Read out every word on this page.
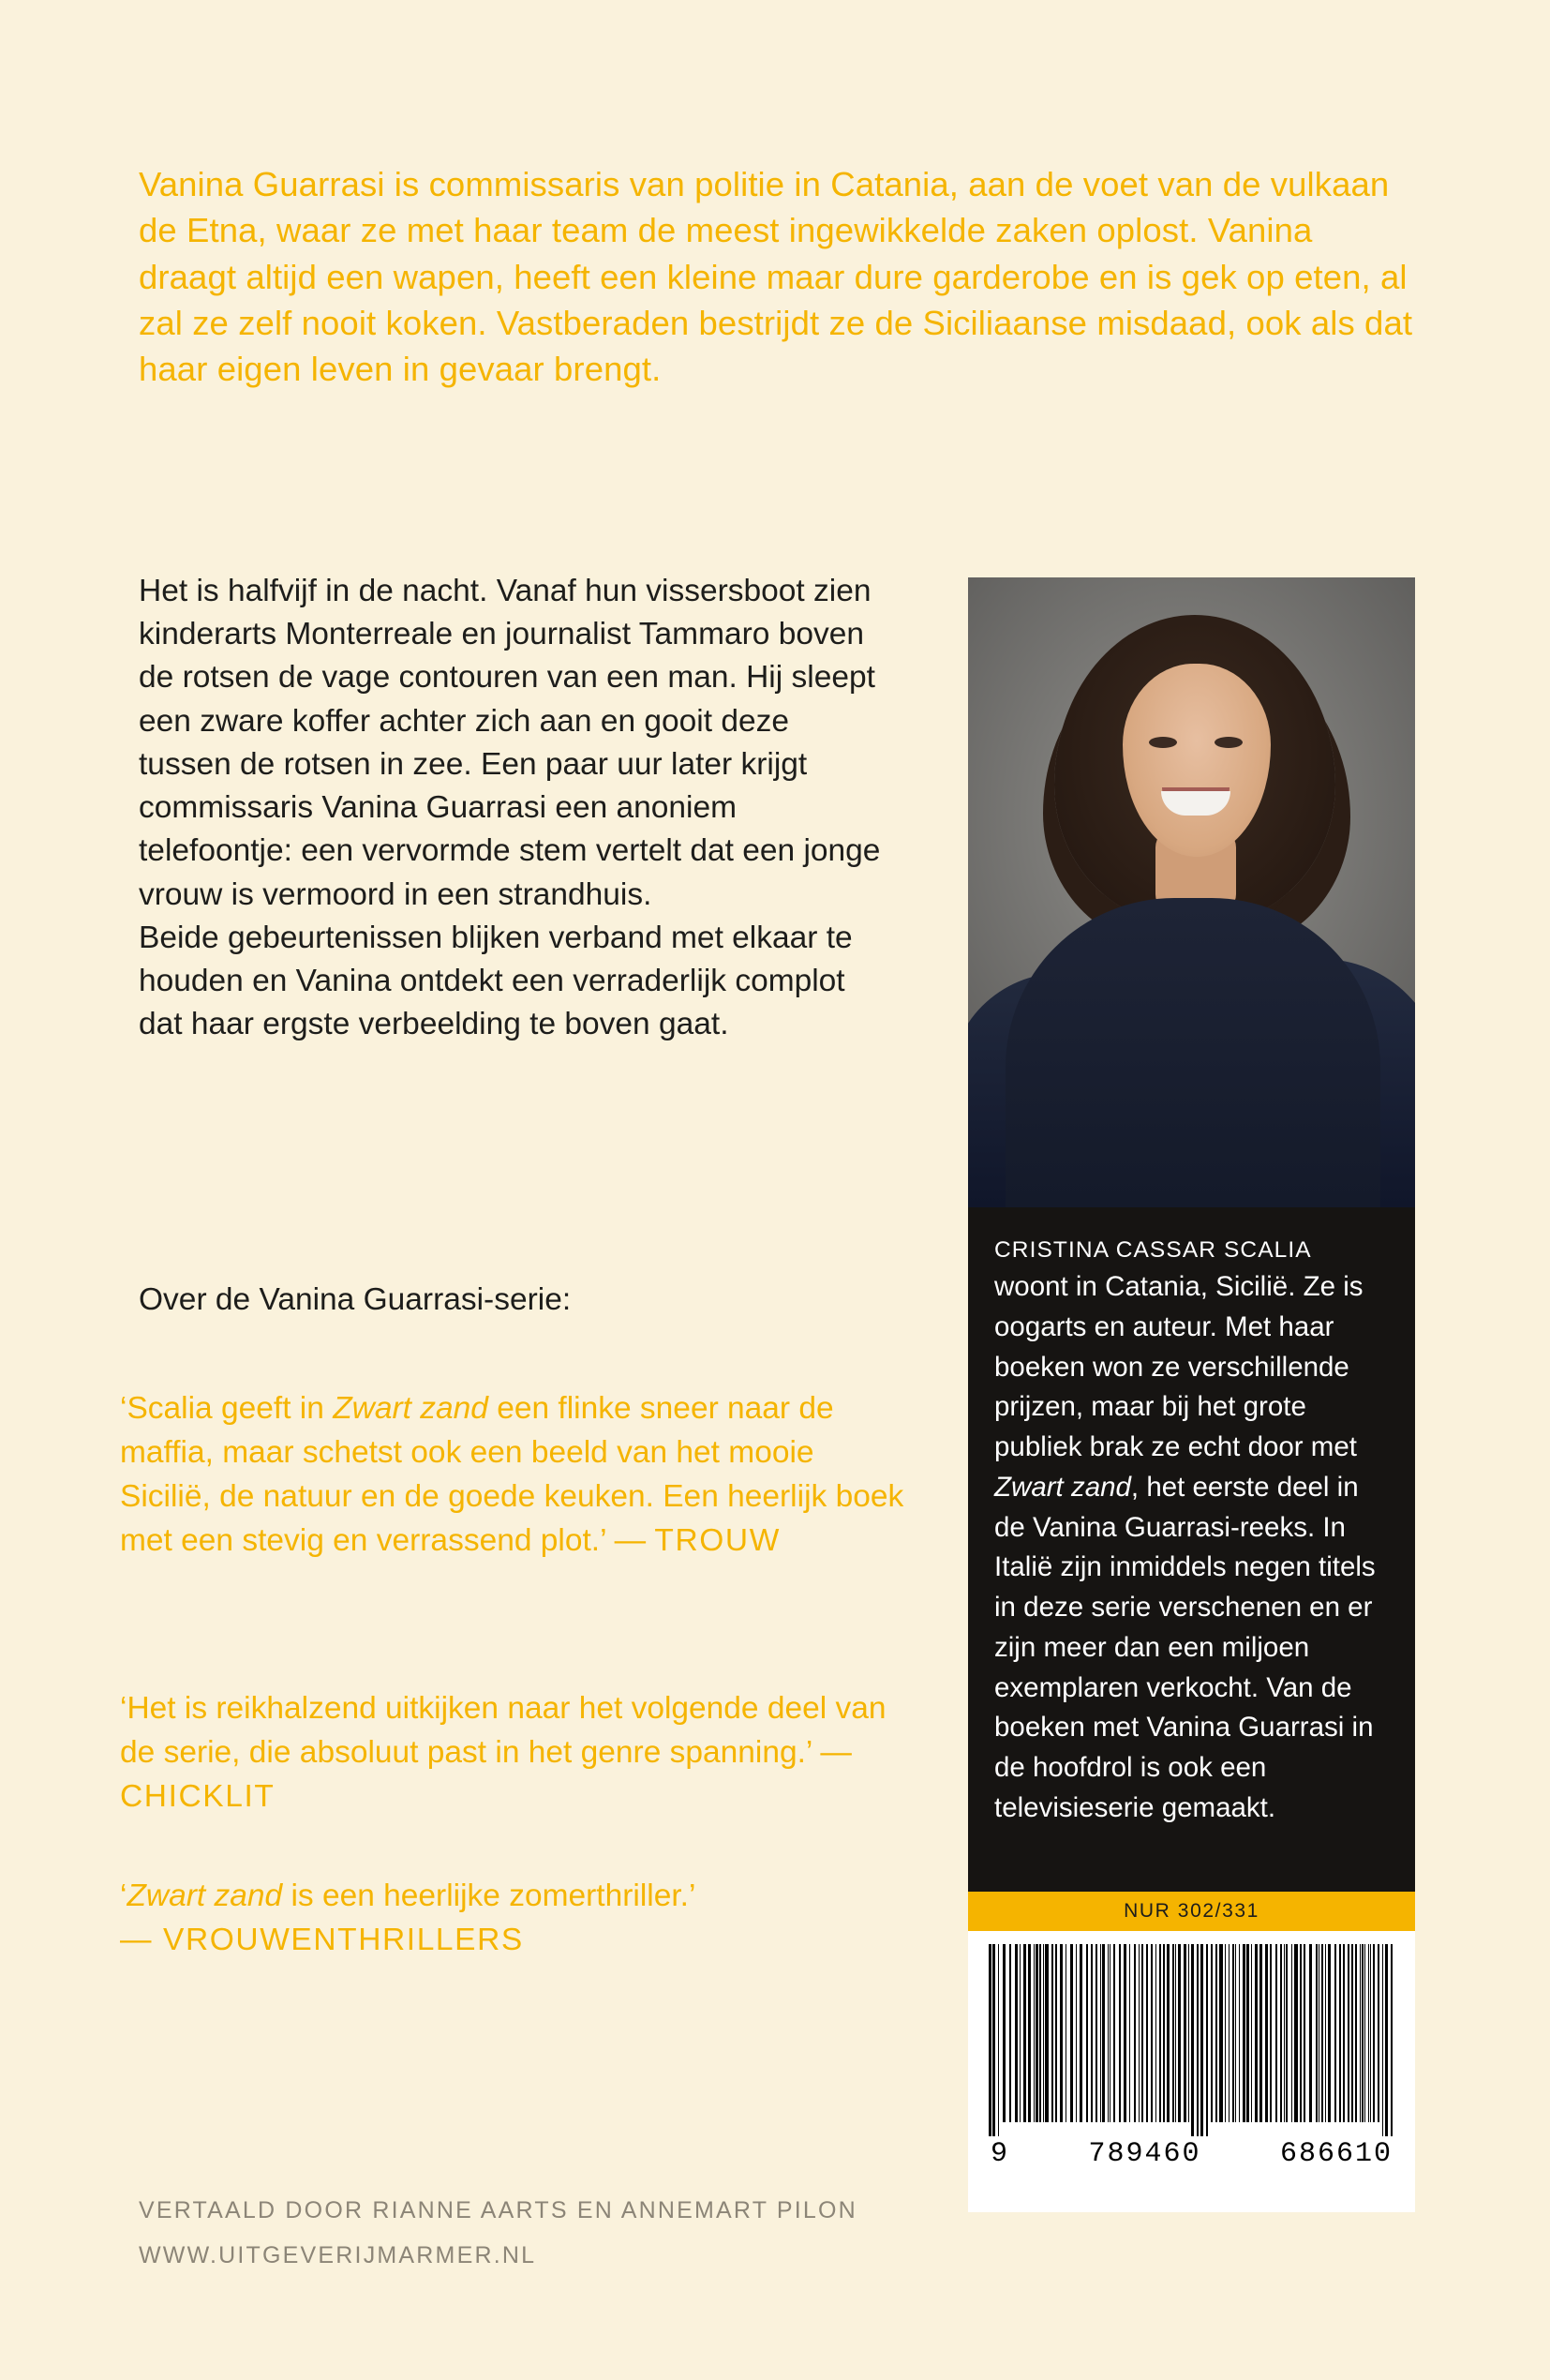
Vanina Guarrasi is commissaris van politie in Catania, aan de voet van de vulkaan de Etna, waar ze met haar team de meest ingewikkelde zaken oplost. Vanina draagt altijd een wapen, heeft een kleine maar dure garderobe en is gek op eten, al zal ze zelf nooit koken. Vastberaden bestrijdt ze de Siciliaanse misdaad, ook als dat haar eigen leven in gevaar brengt.

Het is halfvijf in de nacht. Vanaf hun vissersboot zien kinderarts Monterreale en journalist Tammaro boven de rotsen de vage contouren van een man. Hij sleept een zware koffer achter zich aan en gooit deze tussen de rotsen in zee. Een paar uur later krijgt commissaris Vanina Guarrasi een anoniem telefoontje: een vervormde stem vertelt dat een jonge vrouw is vermoord in een strandhuis.

Beide gebeurtenissen blijken verband met elkaar te houden en Vanina ontdekt een verraderlijk complot dat haar ergste verbeelding te boven gaat.

Over de Vanina Guarrasi-serie:
‘Scalia geeft in Zwart zand een flinke sneer naar de maffia, maar schetst ook een beeld van het mooie Sicilië, de natuur en de goede keuken. Een heerlijk boek met een stevig en verrassend plot.’ — TROUW
‘Het is reikhalzend uitkijken naar het volgende deel van de serie, die absoluut past in het genre spanning.’ — CHICKLIT
‘Zwart zand is een heerlijke zomerthriller.’
— VROUWENTHRILLERS
VERTAALD DOOR RIANNE AARTS EN ANNEMART PILON
WWW.UITGEVERIJMARMER.NL
CRISTINA CASSAR SCALIA
woont in Catania, Sicilië. Ze is oogarts en auteur. Met haar boeken won ze verschillende prijzen, maar bij het grote publiek brak ze echt door met Zwart zand, het eerste deel in de Vanina Guarrasi-reeks. In Italië zijn inmiddels negen titels in deze serie verschenen en er zijn meer dan een miljoen exemplaren verkocht. Van de boeken met Vanina Guarrasi in de hoofdrol is ook een televisieserie gemaakt.
NUR 302/331
9	789460	686610
